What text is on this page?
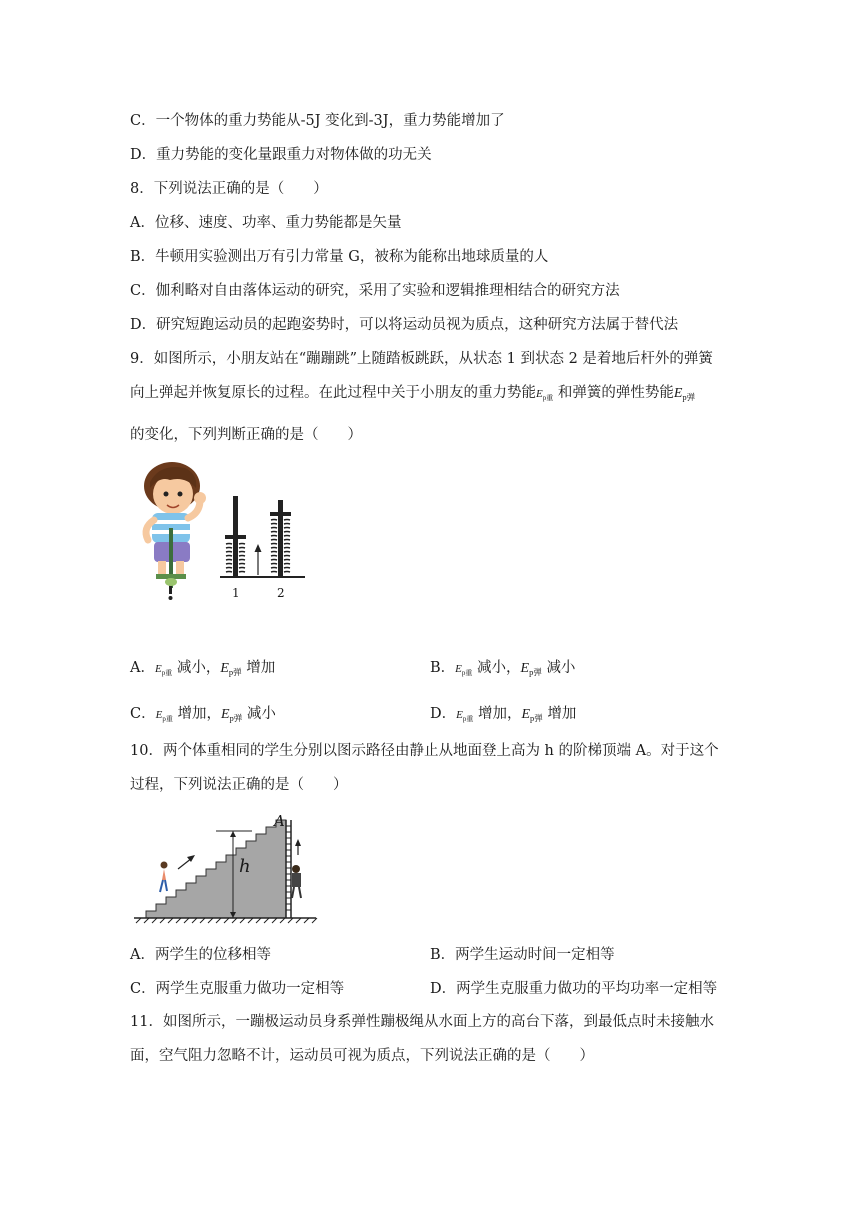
C．一个物体的重力势能从-5J 变化到-3J，重力势能增加了
D．重力势能的变化量跟重力对物体做的功无关
8．下列说法正确的是（　　）
A．位移、速度、功率、重力势能都是矢量
B．牛顿用实验测出万有引力常量 G，被称为能称出地球质量的人
C．伽利略对自由落体运动的研究，采用了实验和逻辑推理相结合的研究方法
D．研究短跑运动员的起跑姿势时，可以将运动员视为质点，这种研究方法属于替代法
9．如图所示，小朋友站在“蹦蹦跳”上随踏板跳跃，从状态 1 到状态 2 是着地后杆外的弹簧
向上弹起并恢复原长的过程。在此过程中关于小朋友的重力势能$E_{p重}$ 和弹簧的弹性势能$E_{p弹}$
的变化，下列判断正确的是（　　）
1	2
A．$E_{p重}$ 减小，$E_{p弹}$ 增加	B．$E_{p重}$ 减小，$E_{p弹}$ 减小
C．$E_{p重}$ 增加，$E_{p弹}$ 减小	D．$E_{p重}$ 增加，$E_{p弹}$ 增加
10．两个体重相同的学生分别以图示路径由静止从地面登上高为 h 的阶梯顶端 A。对于这个
过程，下列说法正确的是（　　）
A
h
A．两学生的位移相等	B．两学生运动时间一定相等
C．两学生克服重力做功一定相等	D．两学生克服重力做功的平均功率一定相等
11．如图所示，一蹦极运动员身系弹性蹦极绳从水面上方的高台下落，到最低点时未接触水
面，空气阻力忽略不计，运动员可视为质点，下列说法正确的是（　　）
